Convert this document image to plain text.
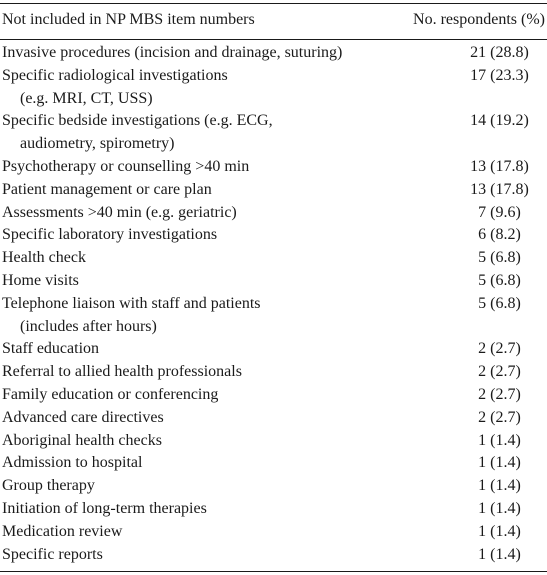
Not included in NP MBS item numbers	No. respondents (%)

Invasive procedures (incision and drainage, suturing)	21 (28.8)

Specific radiological investigations
(e.g. MRI, CT, USS)	17 (23.3)

Specific bedside investigations (e.g. ECG,
audiometry, spirometry)	14 (19.2)

Psychotherapy or counselling >40 min	13 (17.8)

Patient management or care plan	13 (17.8)

Assessments >40 min (e.g. geriatric)	7 (9.6)

Specific laboratory investigations	6 (8.2)

Health check	5 (6.8)

Home visits	5 (6.8)

Telephone liaison with staff and patients
(includes after hours)	5 (6.8)

Staff education	2 (2.7)

Referral to allied health professionals	2 (2.7)

Family education or conferencing	2 (2.7)

Advanced care directives	2 (2.7)

Aboriginal health checks	1 (1.4)

Admission to hospital	1 (1.4)

Group therapy	1 (1.4)

Initiation of long-term therapies	1 (1.4)

Medication review	1 (1.4)

Specific reports	1 (1.4)
